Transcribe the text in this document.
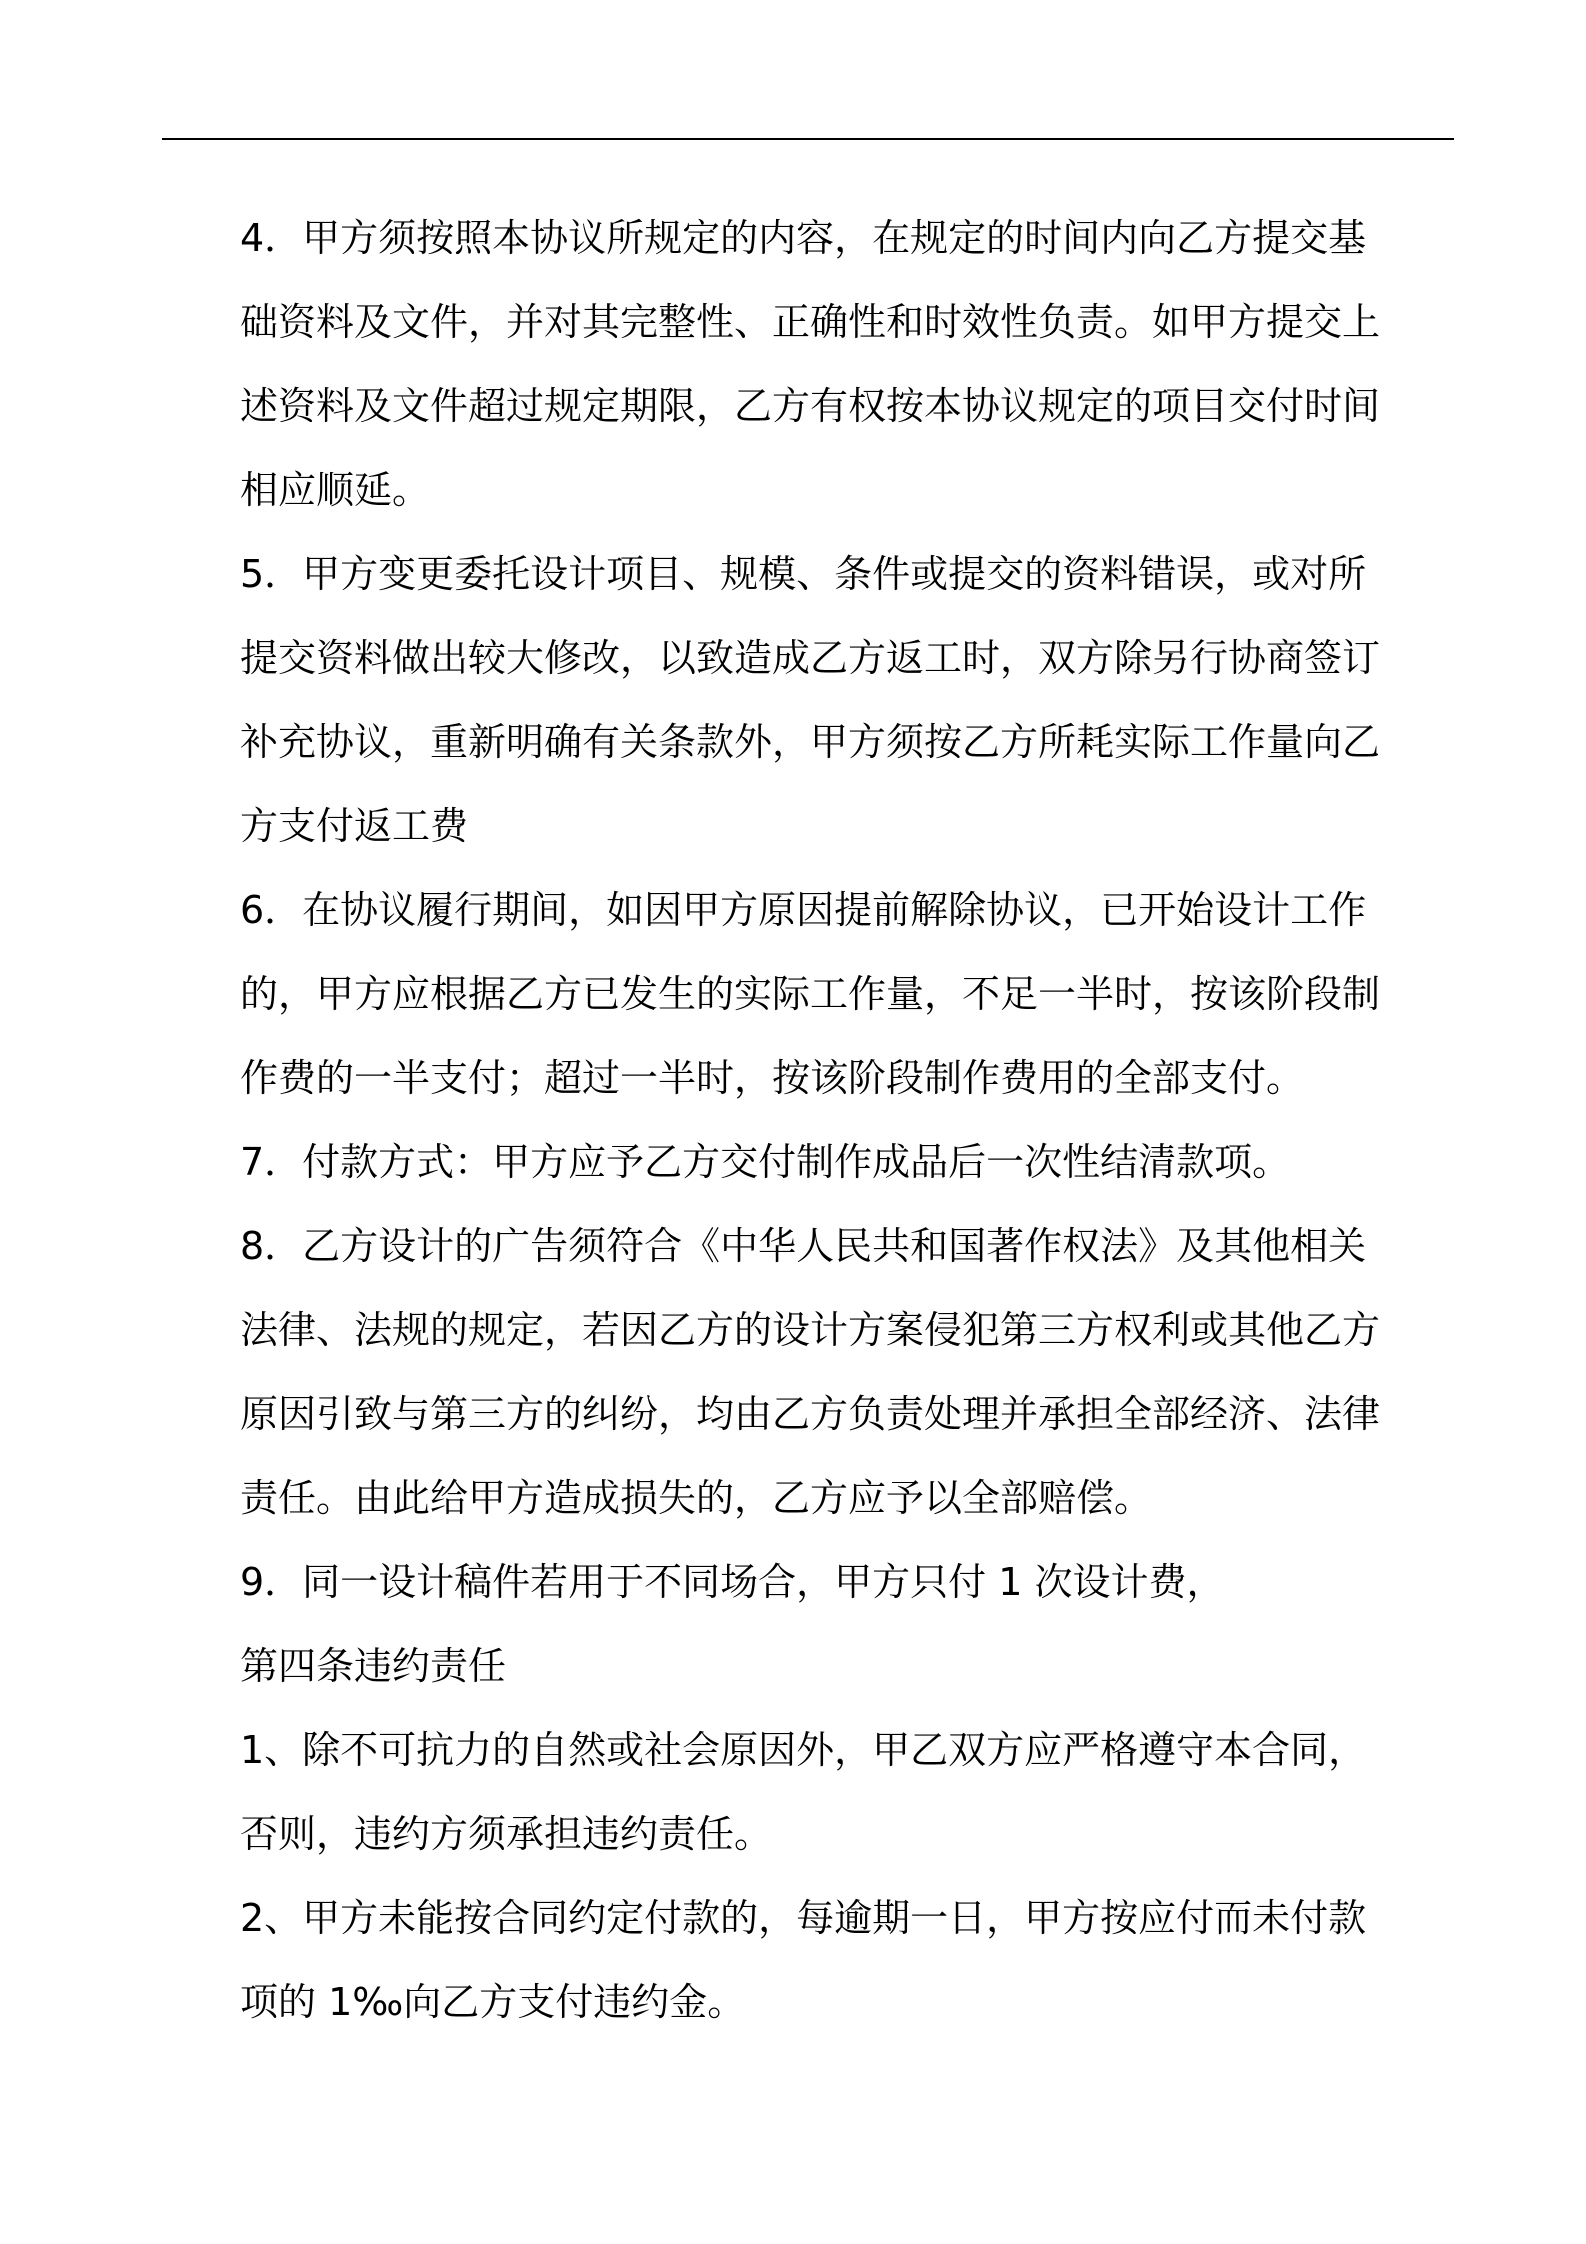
4．甲方须按照本协议所规定的内容，在规定的时间内向乙方提交基
础资料及文件，并对其完整性、正确性和时效性负责。如甲方提交上
述资料及文件超过规定期限，乙方有权按本协议规定的项目交付时间
相应顺延。
5．甲方变更委托设计项目、规模、条件或提交的资料错误，或对所
提交资料做出较大修改，以致造成乙方返工时，双方除另行协商签订
补充协议，重新明确有关条款外，甲方须按乙方所耗实际工作量向乙
方支付返工费
6．在协议履行期间，如因甲方原因提前解除协议，已开始设计工作
的，甲方应根据乙方已发生的实际工作量，不足一半时，按该阶段制
作费的一半支付；超过一半时，按该阶段制作费用的全部支付。
7．付款方式：甲方应予乙方交付制作成品后一次性结清款项。
8．乙方设计的广告须符合《中华人民共和国著作权法》及其他相关
法律、法规的规定，若因乙方的设计方案侵犯第三方权利或其他乙方
原因引致与第三方的纠纷，均由乙方负责处理并承担全部经济、法律
责任。由此给甲方造成损失的，乙方应予以全部赔偿。
9．同一设计稿件若用于不同场合，甲方只付 1 次设计费，
第四条违约责任
1、除不可抗力的自然或社会原因外，甲乙双方应严格遵守本合同，
否则，违约方须承担违约责任。
2、甲方未能按合同约定付款的，每逾期一日，甲方按应付而未付款
项的 1‰向乙方支付违约金。
